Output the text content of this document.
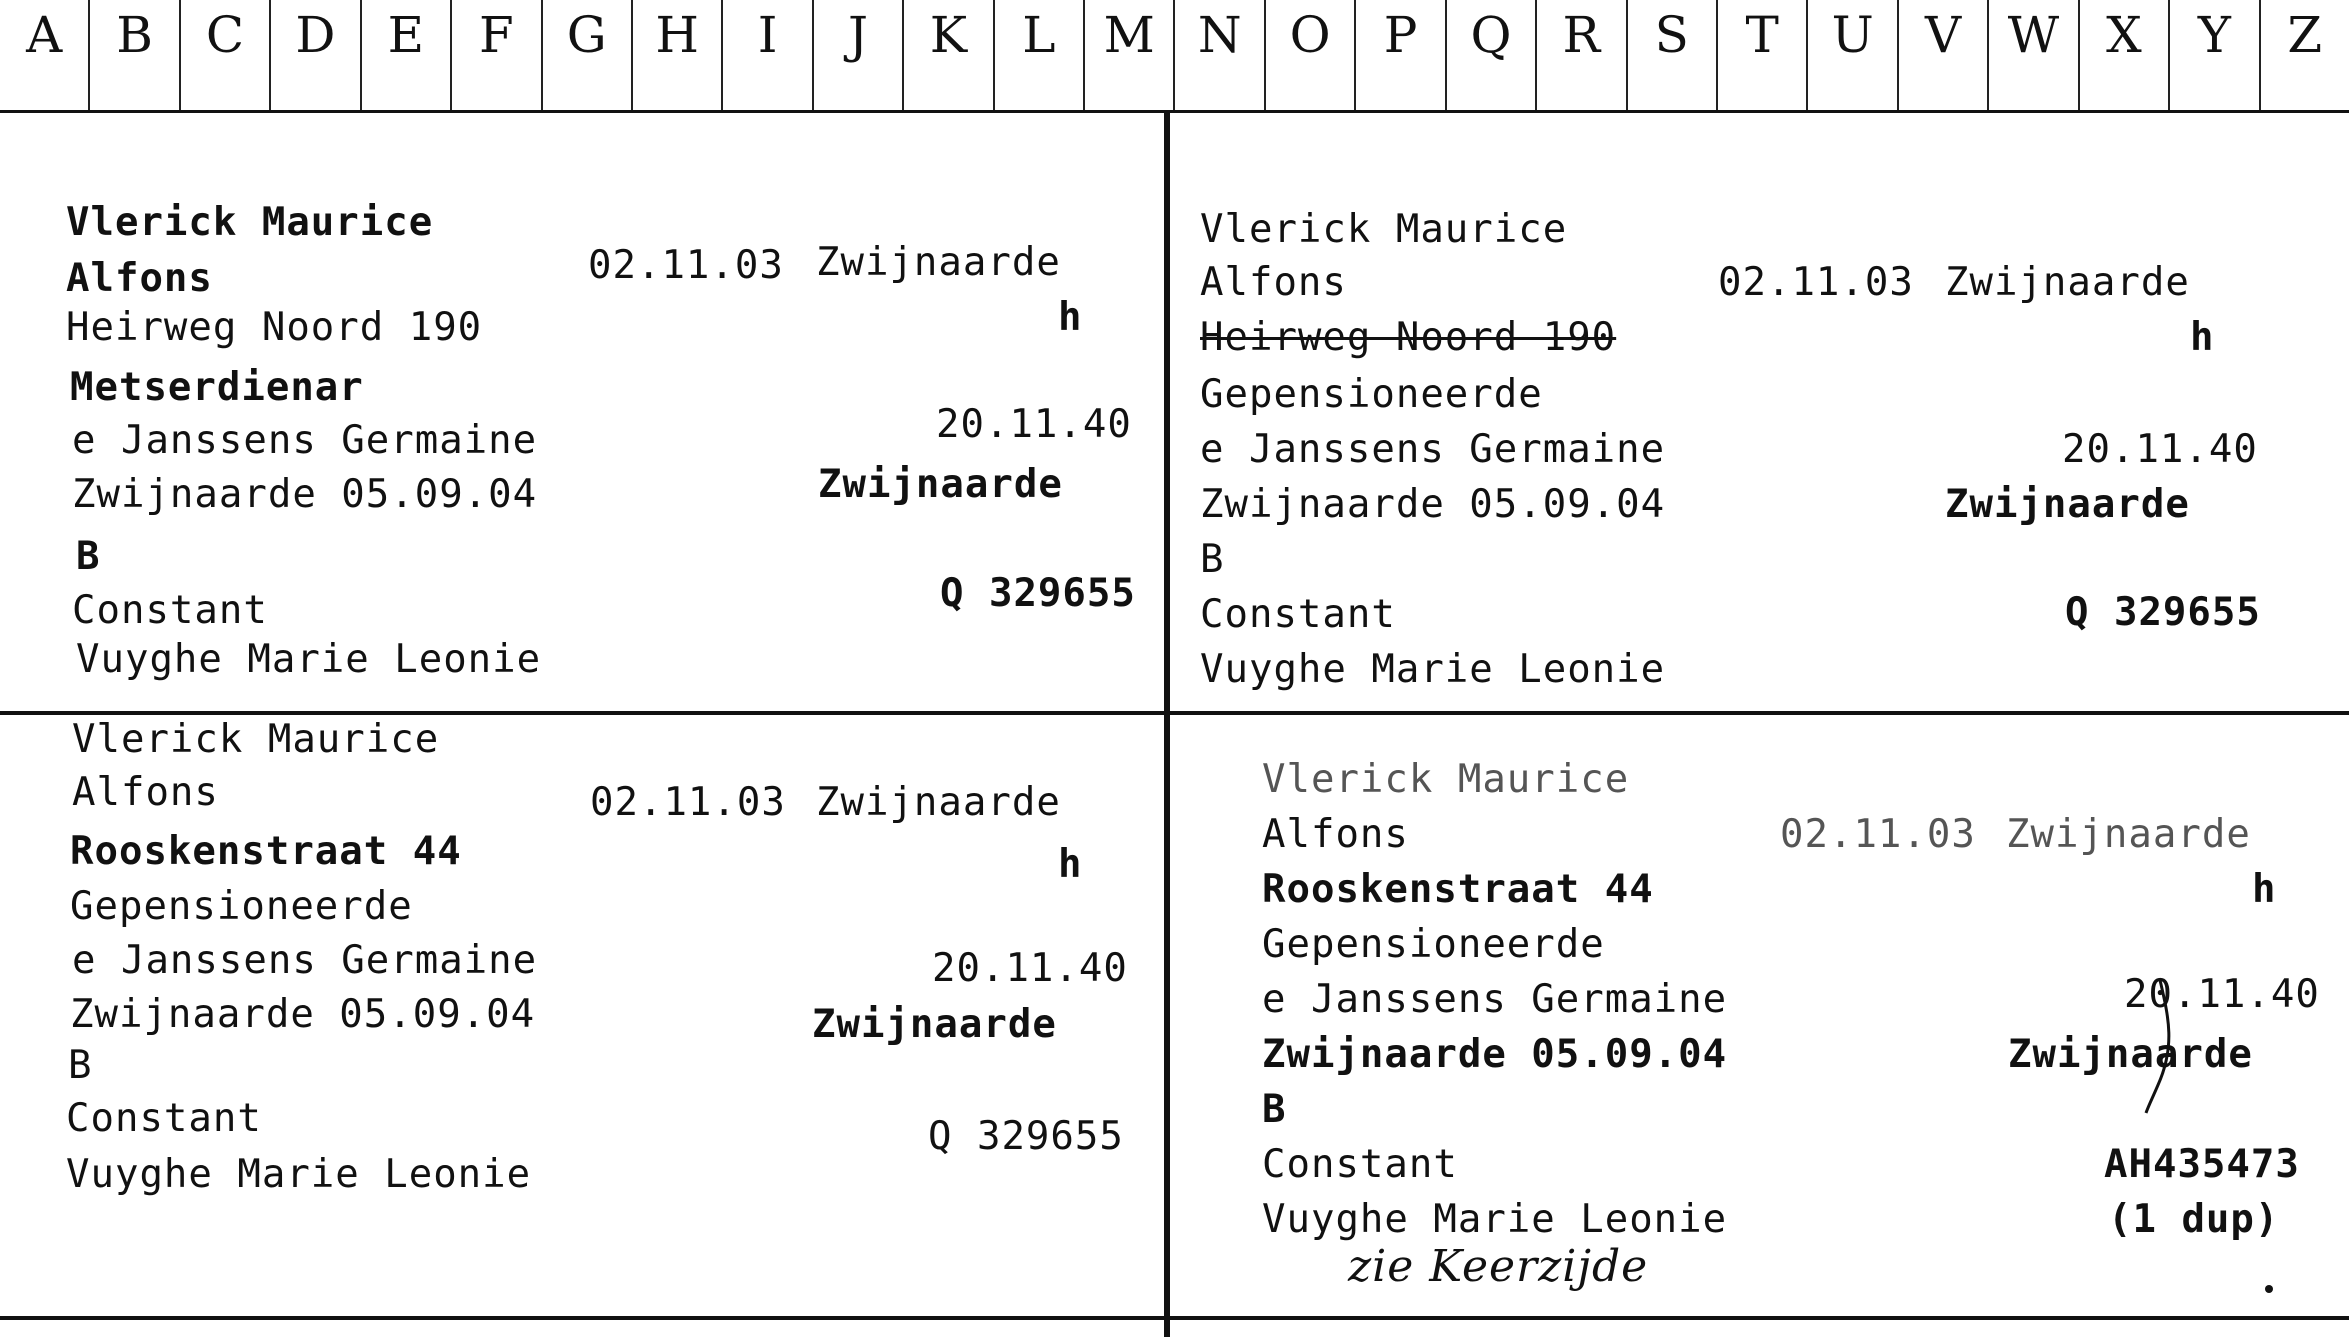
A	B	C	D	E	F	G H	I	J	K	L M N O	P	Q	R	S	T	U	V W X	Y	Z
Vlerick Maurice
Alfons	02.11.03 Zwijnaarde
Heirweg Noord 190	h
Metserdienar
e Janssens Germaine	20.11.40
Zwijnaarde 05.09.04	Zwijnaarde
B
Constant	Q 329655
Vuyghe Marie Leonie
Vlerick Maurice
Alfons	02.11.03 Zwijnaarde
Heirweg Noord 190	h
Gepensioneerde
e Janssens Germaine	20.11.40
Zwijnaarde 05.09.04	Zwijnaarde
B
Constant	Q 329655
Vuyghe Marie Leonie
Vlerick Maurice
Alfons	02.11.03 Zwijnaarde
Rooskenstraat 44	h
Gepensioneerde
e Janssens Germaine	20.11.40
Zwijnaarde 05.09.04	Zwijnaarde
B
Constant	Q 329655
Vuyghe Marie Leonie
Vlerick Maurice
Alfons	02.11.03 Zwijnaarde
Rooskenstraat 44	h
Gepensioneerde
e Janssens Germaine	20.11.40
Zwijnaarde 05.09.04	Zwijnaarde
B
Constant	AH435473
(1 dup)
Vuyghe Marie Leonie
zie Keerzijde
